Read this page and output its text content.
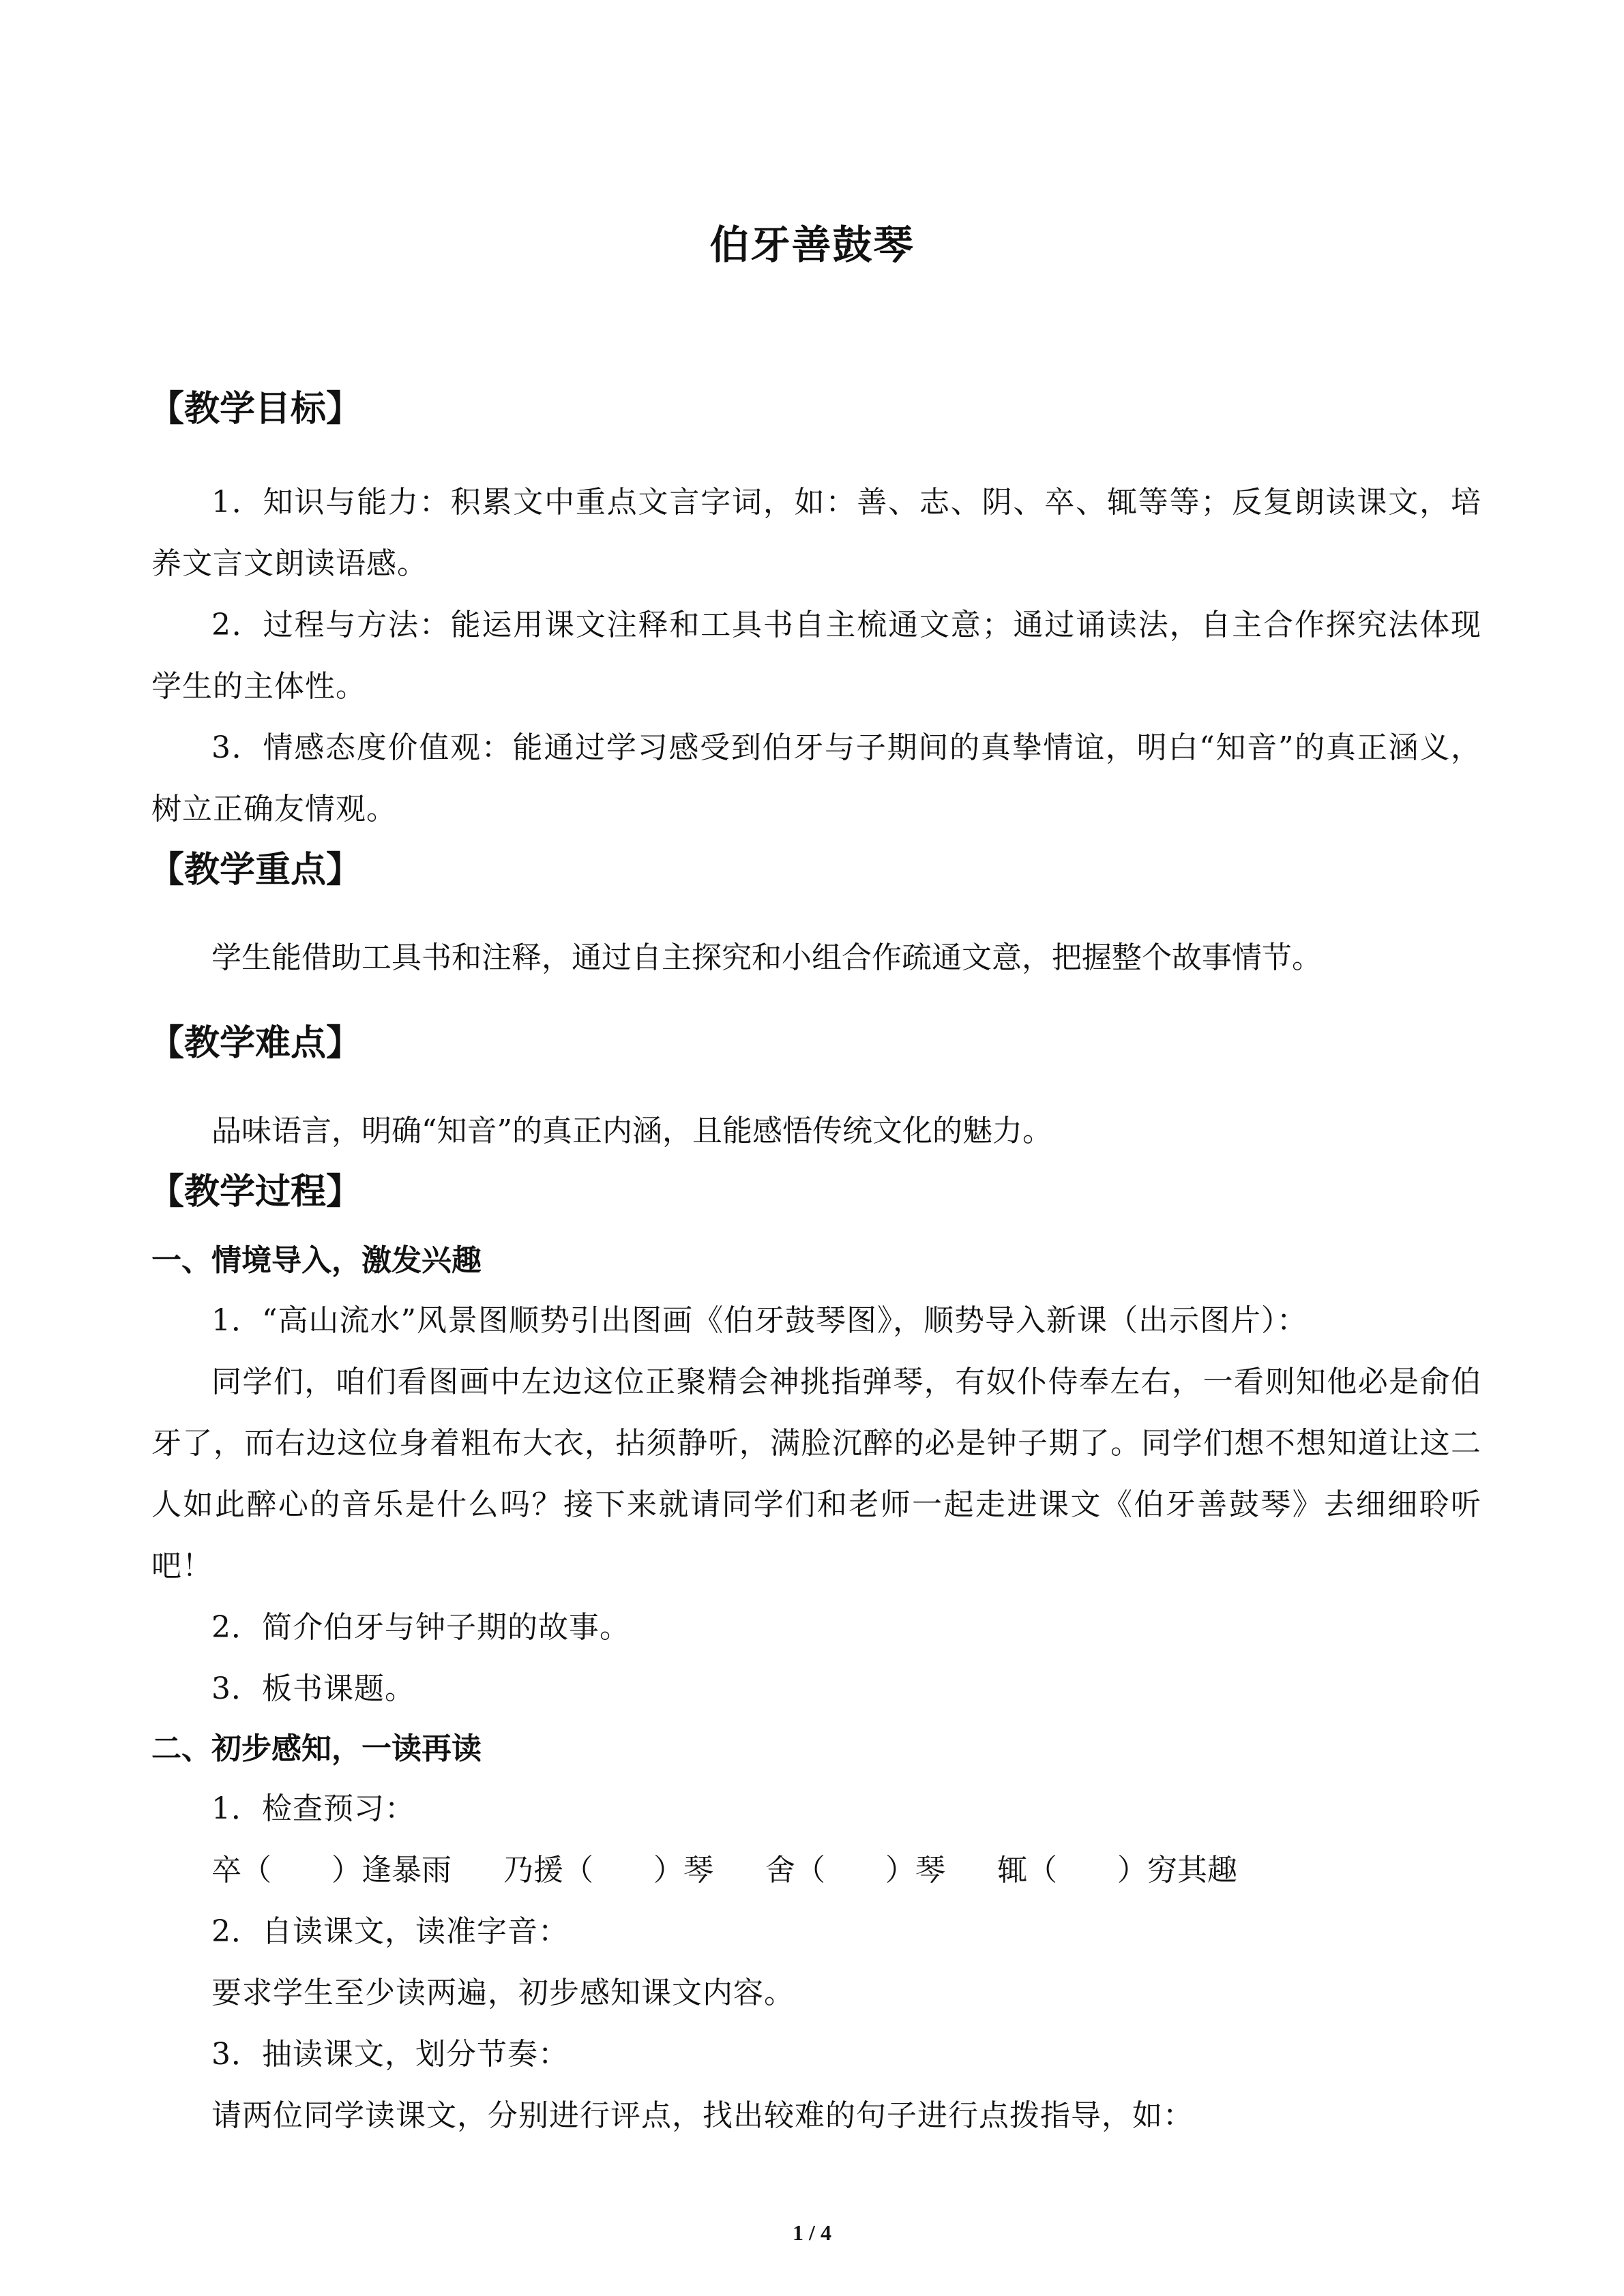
伯牙善鼓琴
【教学目标】

1．知识与能力：积累文中重点文言字词，如：善、志、阴、卒、辄等等；反复朗读课文，培养文言文朗读语感。

2．过程与方法：能运用课文注释和工具书自主梳通文意；通过诵读法，自主合作探究法体现学生的主体性。

3．情感态度价值观：能通过学习感受到伯牙与子期间的真挚情谊，明白“知音”的真正涵义，树立正确友情观。

【教学重点】

学生能借助工具书和注释，通过自主探究和小组合作疏通文意，把握整个故事情节。

【教学难点】

品味语言，明确“知音”的真正内涵，且能感悟传统文化的魅力。

【教学过程】
一、情境导入，激发兴趣

1．“高山流水”风景图顺势引出图画《伯牙鼓琴图》，顺势导入新课（出示图片）：

同学们，咱们看图画中左边这位正聚精会神挑指弹琴，有奴仆侍奉左右，一看则知他必是俞伯牙了，而右边这位身着粗布大衣，拈须静听，满脸沉醉的必是钟子期了。同学们想不想知道让这二人如此醉心的音乐是什么吗？接下来就请同学们和老师一起走进课文《伯牙善鼓琴》去细细聆听吧！

2．简介伯牙与钟子期的故事。

3．板书课题。

二、初步感知，一读再读

1．检查预习：

卒（　　）逢暴雨 乃援（　　）琴 舍（　　）琴 辄（　　）穷其趣

2．自读课文，读准字音：

要求学生至少读两遍，初步感知课文内容。

3．抽读课文，划分节奏：

请两位同学读课文，分别进行评点，找出较难的句子进行点拨指导，如：

1 / 4
